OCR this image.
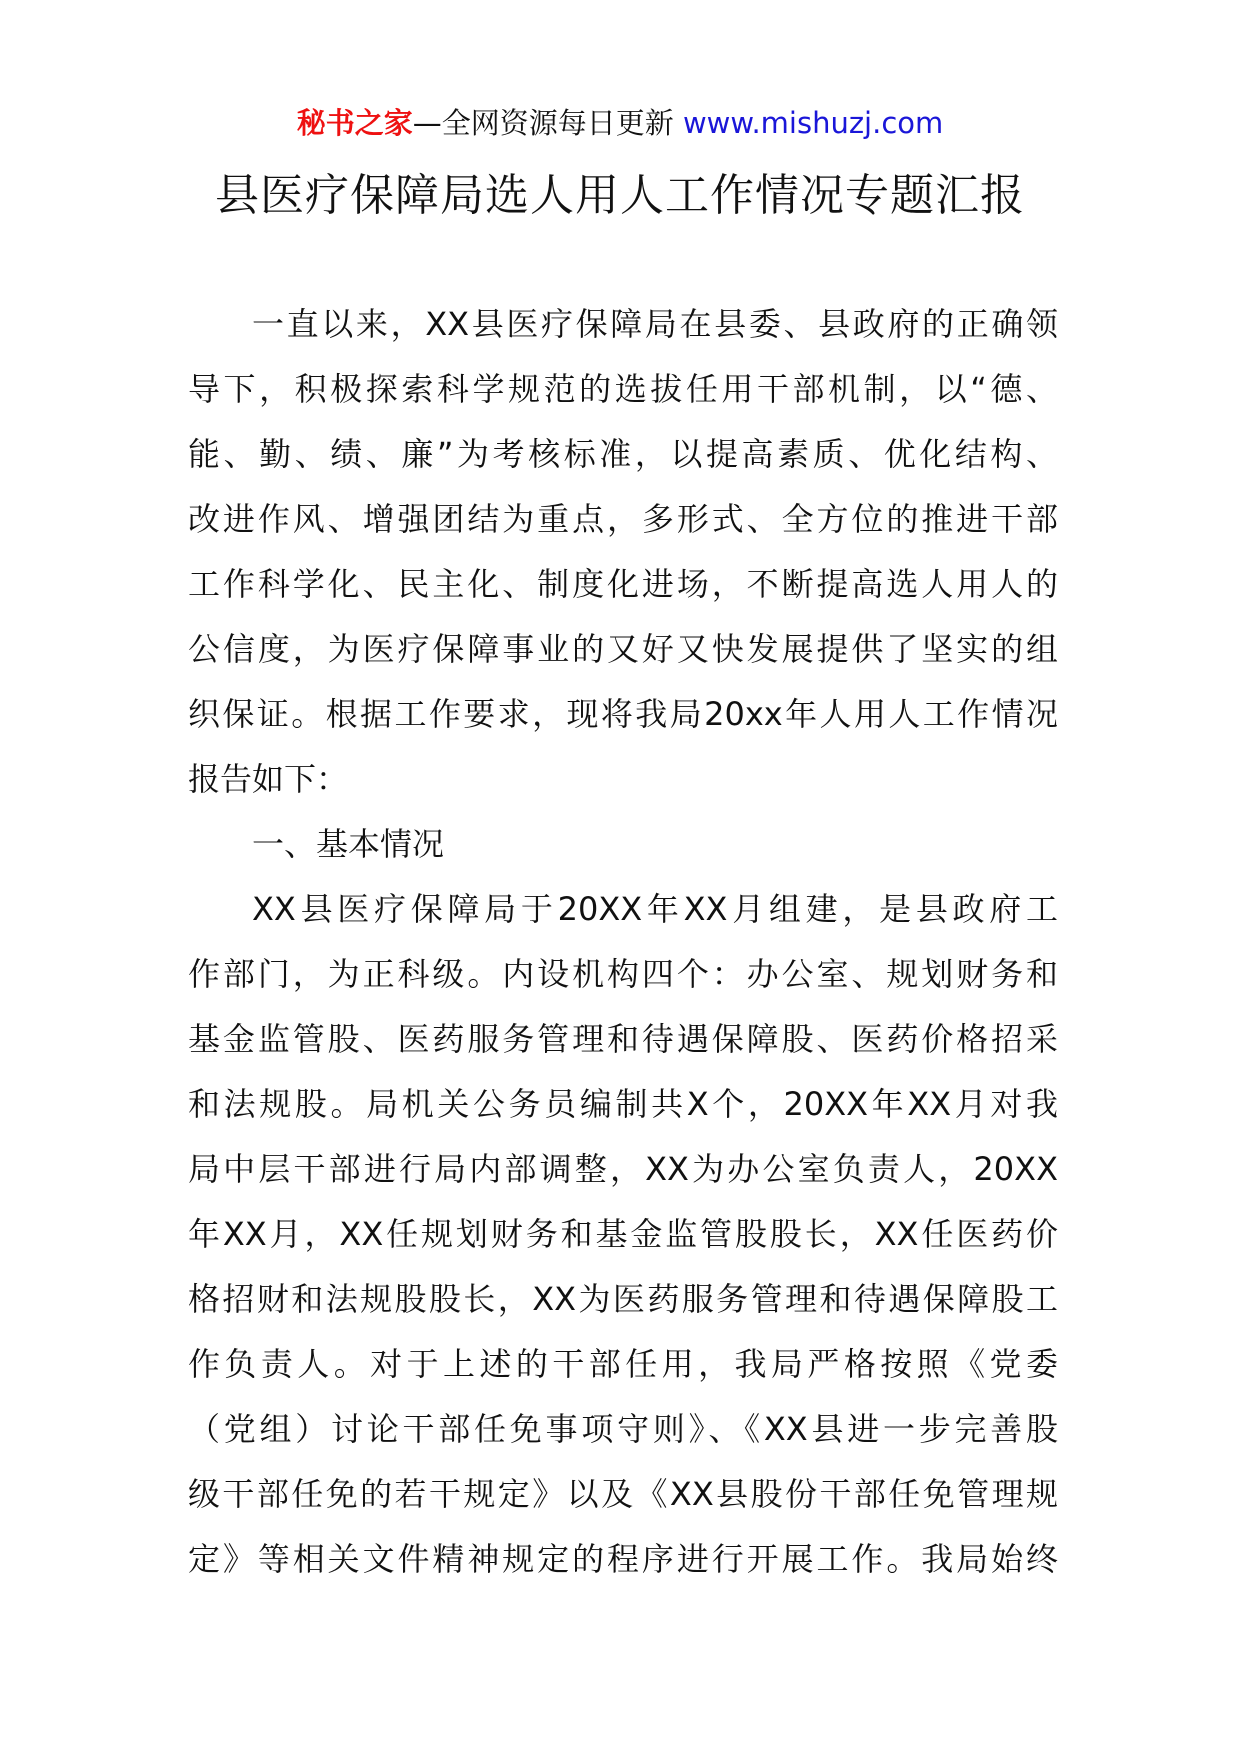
秘书之家—全网资源每日更新 www.mishuzj.com
县医疗保障局选人用人工作情况专题汇报
一直以来，XX县医疗保障局在县委、县政府的正确领
导下，积极探索科学规范的选拔任用干部机制，以“德、
能、勤、绩、廉”为考核标准，以提高素质、优化结构、
改进作风、增强团结为重点，多形式、全方位的推进干部
工作科学化、民主化、制度化进场，不断提高选人用人的
公信度，为医疗保障事业的又好又快发展提供了坚实的组
织保证。根据工作要求，现将我局20xx年人用人工作情况
报告如下：
一、基本情况
XX县医疗保障局于20XX年XX月组建，是县政府工
作部门，为正科级。内设机构四个：办公室、规划财务和
基金监管股、医药服务管理和待遇保障股、医药价格招采
和法规股。局机关公务员编制共X个，20XX年XX月对我
局中层干部进行局内部调整，XX为办公室负责人，20XX
年XX月，XX任规划财务和基金监管股股长，XX任医药价
格招财和法规股股长，XX为医药服务管理和待遇保障股工
作负责人。对于上述的干部任用，我局严格按照《党委
（党组）讨论干部任免事项守则》、《XX县进一步完善股
级干部任免的若干规定》以及《XX县股份干部任免管理规
定》等相关文件精神规定的程序进行开展工作。我局始终
